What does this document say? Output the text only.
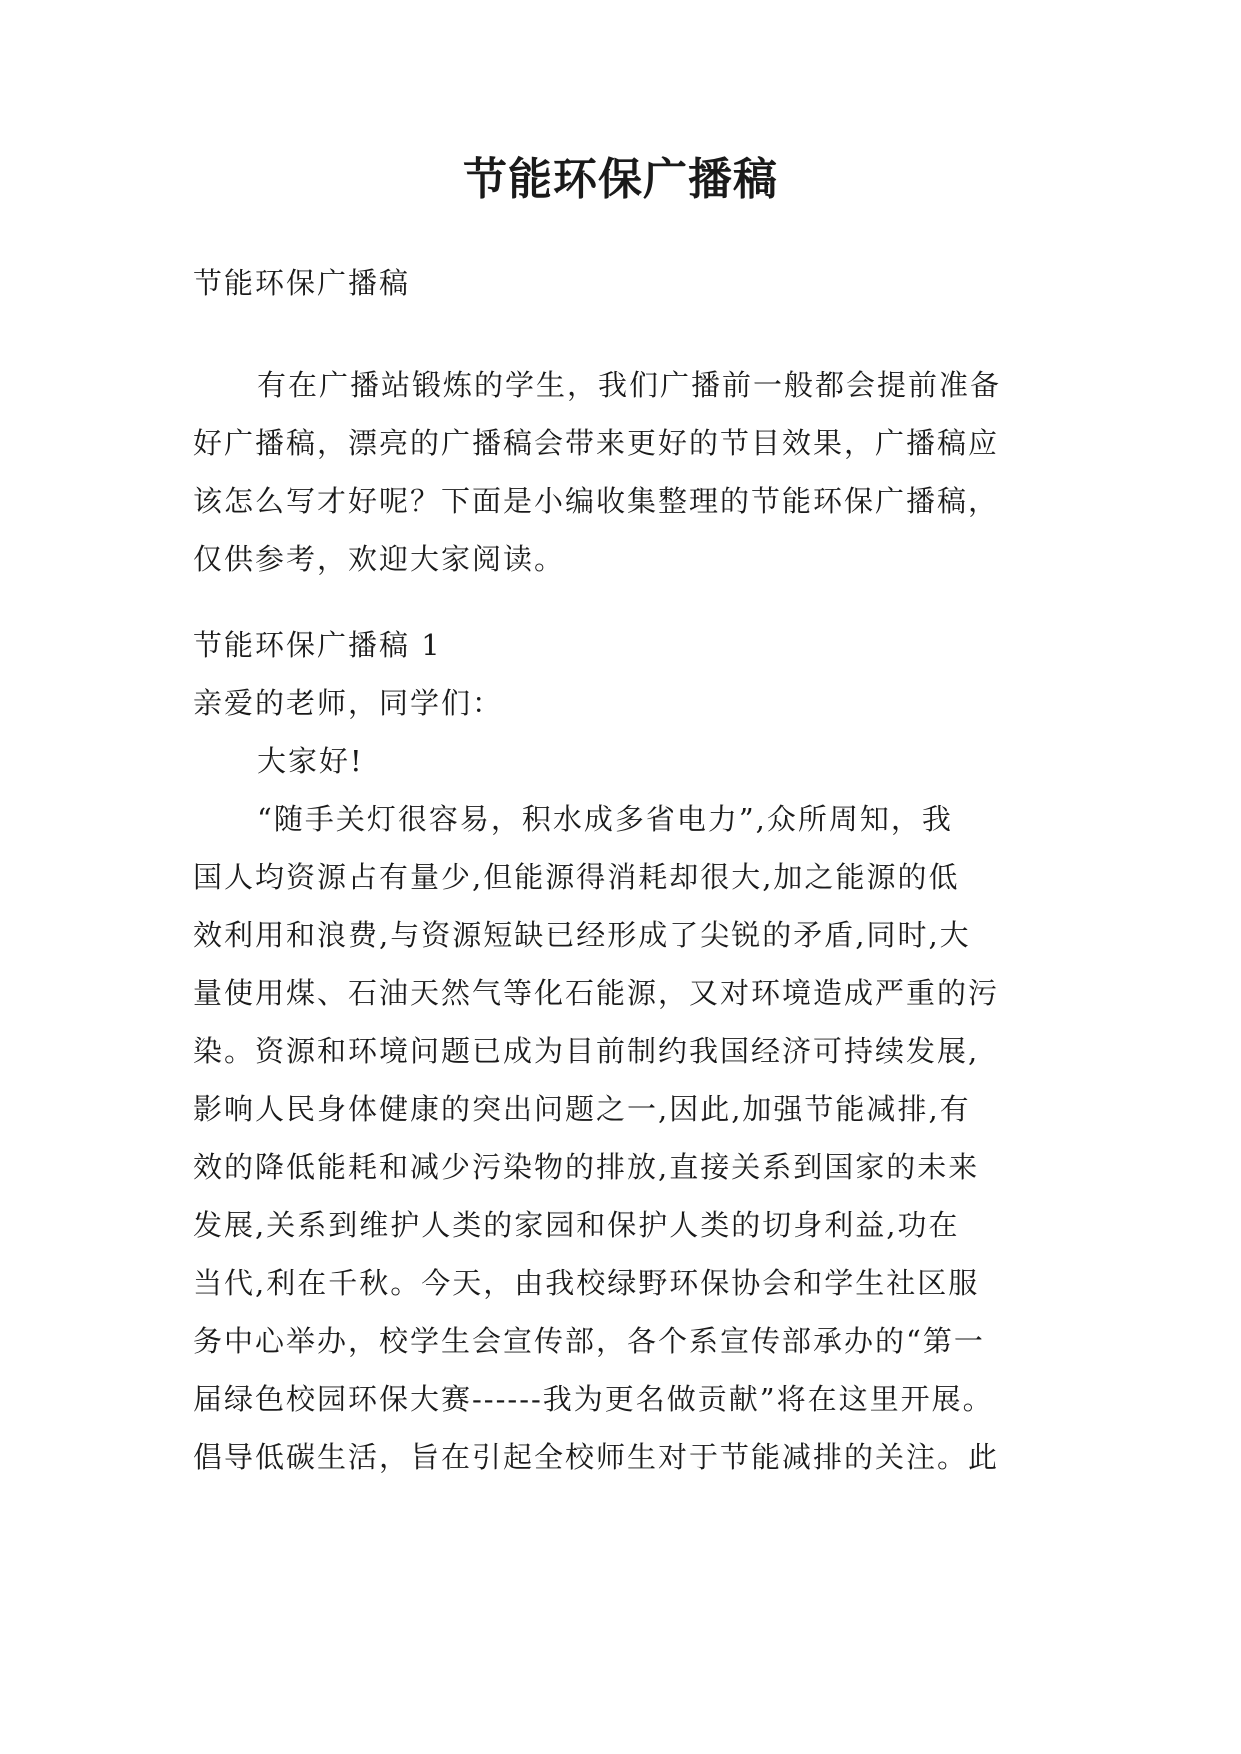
节能环保广播稿

节能环保广播稿

有在广播站锻炼的学生，我们广播前一般都会提前准备
好广播稿，漂亮的广播稿会带来更好的节目效果，广播稿应
该怎么写才好呢？下面是小编收集整理的节能环保广播稿，
仅供参考，欢迎大家阅读。

节能环保广播稿 1
亲爱的老师，同学们：
大家好!
“随手关灯很容易，积水成多省电力”,众所周知，我
国人均资源占有量少,但能源得消耗却很大,加之能源的低
效利用和浪费,与资源短缺已经形成了尖锐的矛盾,同时,大
量使用煤、石油天然气等化石能源，又对环境造成严重的污
染。资源和环境问题已成为目前制约我国经济可持续发展,
影响人民身体健康的突出问题之一,因此,加强节能减排,有
效的降低能耗和减少污染物的排放,直接关系到国家的未来
发展,关系到维护人类的家园和保护人类的切身利益,功在
当代,利在千秋。今天，由我校绿野环保协会和学生社区服
务中心举办，校学生会宣传部，各个系宣传部承办的“第一
届绿色校园环保大赛------我为更名做贡献”将在这里开展。
倡导低碳生活，旨在引起全校师生对于节能减排的关注。此
